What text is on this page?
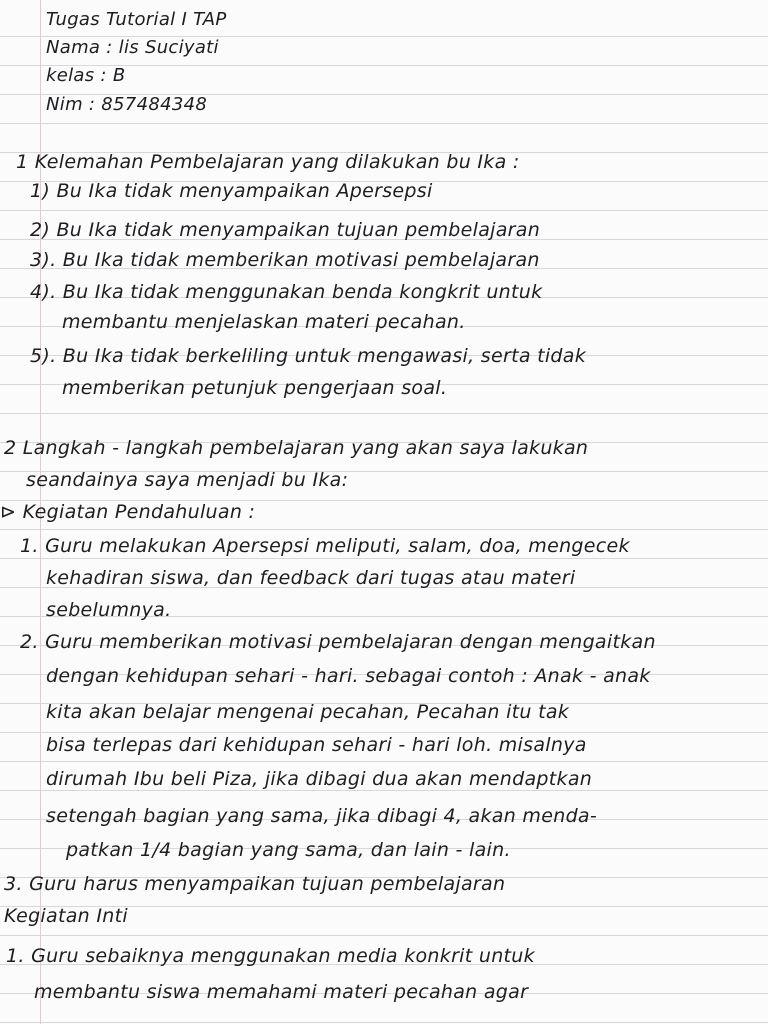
Tugas Tutorial I TAP
Nama : lis Suciyati
kelas : B
Nim : 857484348
1 Kelemahan Pembelajaran yang dilakukan bu Ika :
1) Bu Ika tidak menyampaikan Apersepsi
2) Bu Ika tidak menyampaikan tujuan pembelajaran
3). Bu Ika tidak memberikan motivasi pembelajaran
4). Bu Ika tidak menggunakan benda kongkrit untuk
membantu menjelaskan materi pecahan.
5). Bu Ika tidak berkeliling untuk mengawasi, serta tidak
memberikan petunjuk pengerjaan soal.
2 Langkah - langkah pembelajaran yang akan saya lakukan
seandainya saya menjadi bu Ika:
⊳ Kegiatan Pendahuluan :
1. Guru melakukan Apersepsi meliputi, salam, doa, mengecek
kehadiran siswa, dan feedback dari tugas atau materi
sebelumnya.
2. Guru memberikan motivasi pembelajaran dengan mengaitkan
dengan kehidupan sehari - hari. sebagai contoh : Anak - anak
kita akan belajar mengenai pecahan, Pecahan itu tak
bisa terlepas dari kehidupan sehari - hari loh. misalnya
dirumah Ibu beli Piza, jika dibagi dua akan mendaptkan
setengah bagian yang sama, jika dibagi 4, akan menda-
patkan 1/4 bagian yang sama, dan lain - lain.
3. Guru harus menyampaikan tujuan pembelajaran
Kegiatan Inti
1. Guru sebaiknya menggunakan media konkrit untuk
membantu siswa memahami materi pecahan agar
